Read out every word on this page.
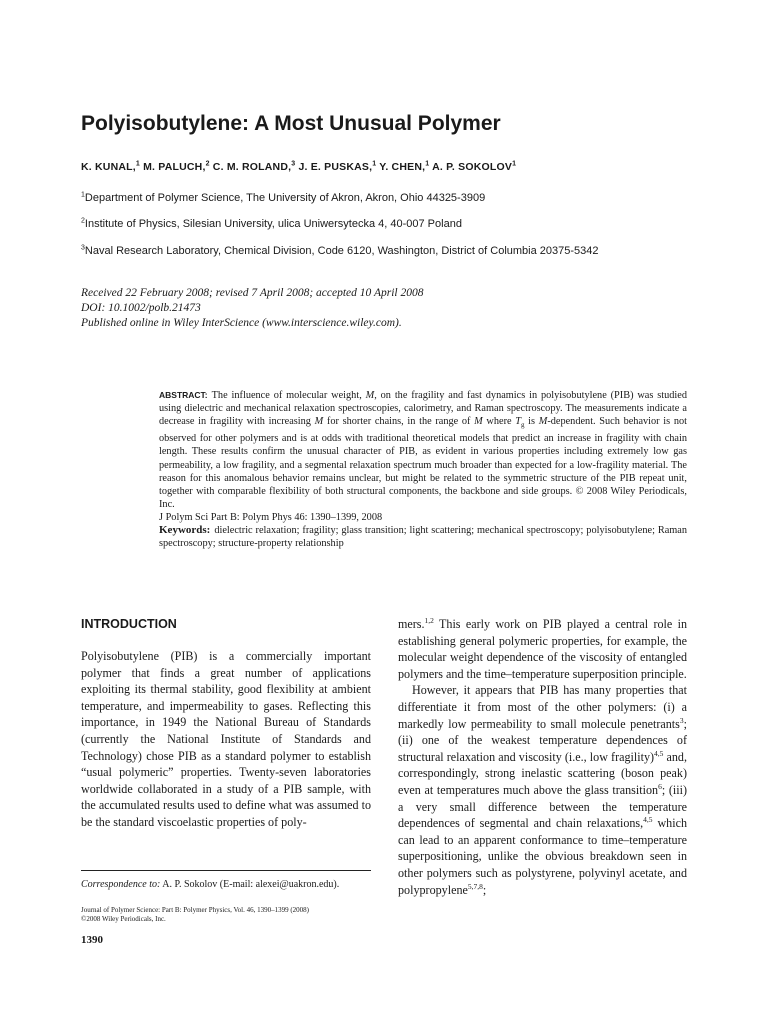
Polyisobutylene: A Most Unusual Polymer
K. KUNAL,$^1$ M. PALUCH,$^2$ C. M. ROLAND,$^3$ J. E. PUSKAS,$^1$ Y. CHEN,$^1$ A. P. SOKOLOV$^1$
$^1$Department of Polymer Science, The University of Akron, Akron, Ohio 44325-3909
$^2$Institute of Physics, Silesian University, ulica Uniwersytecka 4, 40-007 Poland
$^3$Naval Research Laboratory, Chemical Division, Code 6120, Washington, District of Columbia 20375-5342
Received 22 February 2008; revised 7 April 2008; accepted 10 April 2008
DOI: 10.1002/polb.21473
Published online in Wiley InterScience (www.interscience.wiley.com).
ABSTRACT: The influence of molecular weight, M, on the fragility and fast dynamics in polyisobutylene (PIB) was studied using dielectric and mechanical relaxation spectroscopies, calorimetry, and Raman spectroscopy. The measurements indicate a decrease in fragility with increasing M for shorter chains, in the range of M where $T_g$ is M-dependent. Such behavior is not observed for other polymers and is at odds with traditional theoretical models that predict an increase in fragility with chain length. These results confirm the unusual character of PIB, as evident in various properties including extremely low gas permeability, a low fragility, and a segmental relaxation spectrum much broader than expected for a low-fragility material. The reason for this anomalous behavior remains unclear, but might be related to the symmetric structure of the PIB repeat unit, together with comparable flexibility of both structural components, the backbone and side groups. © 2008 Wiley Periodicals, Inc.
J Polym Sci Part B: Polym Phys 46: 1390–1399, 2008
Keywords: dielectric relaxation; fragility; glass transition; light scattering; mechanical spectroscopy; polyisobutylene; Raman spectroscopy; structure-property relationship
INTRODUCTION

Polyisobutylene (PIB) is a commercially important polymer that finds a great number of applications exploiting its thermal stability, good flexibility at ambient temperature, and impermeability to gases. Reflecting this importance, in 1949 the National Bureau of Standards (currently the National Institute of Standards and Technology) chose PIB as a standard polymer to establish “usual polymeric” properties. Twenty-seven laboratories worldwide collaborated in a study of a PIB sample, with the accumulated results used to define what was assumed to be the standard viscoelastic properties of poly-

mers.$^{1,2}$ This early work on PIB played a central role in establishing general polymeric properties, for example, the molecular weight dependence of the viscosity of entangled polymers and the time–temperature superposition principle.

However, it appears that PIB has many properties that differentiate it from most of the other polymers: (i) a markedly low permeability to small molecule penetrants$^3$; (ii) one of the weakest temperature dependences of structural relaxation and viscosity (i.e., low fragility)$^{4,5}$ and, correspondingly, strong inelastic scattering (boson peak) even at temperatures much above the glass transition$^6$; (iii) a very small difference between the temperature dependences of segmental and chain relaxations,$^{4,5}$ which can lead to an apparent conformance to time–temperature superpositioning, unlike the obvious breakdown seen in other polymers such as polystyrene, polyvinyl acetate, and polypropylene$^{5,7,8}$;

Correspondence to: A. P. Sokolov (E-mail: alexei@uakron.edu).
Journal of Polymer Science: Part B: Polymer Physics, Vol. 46, 1390–1399 (2008)
©2008 Wiley Periodicals, Inc.
1390
